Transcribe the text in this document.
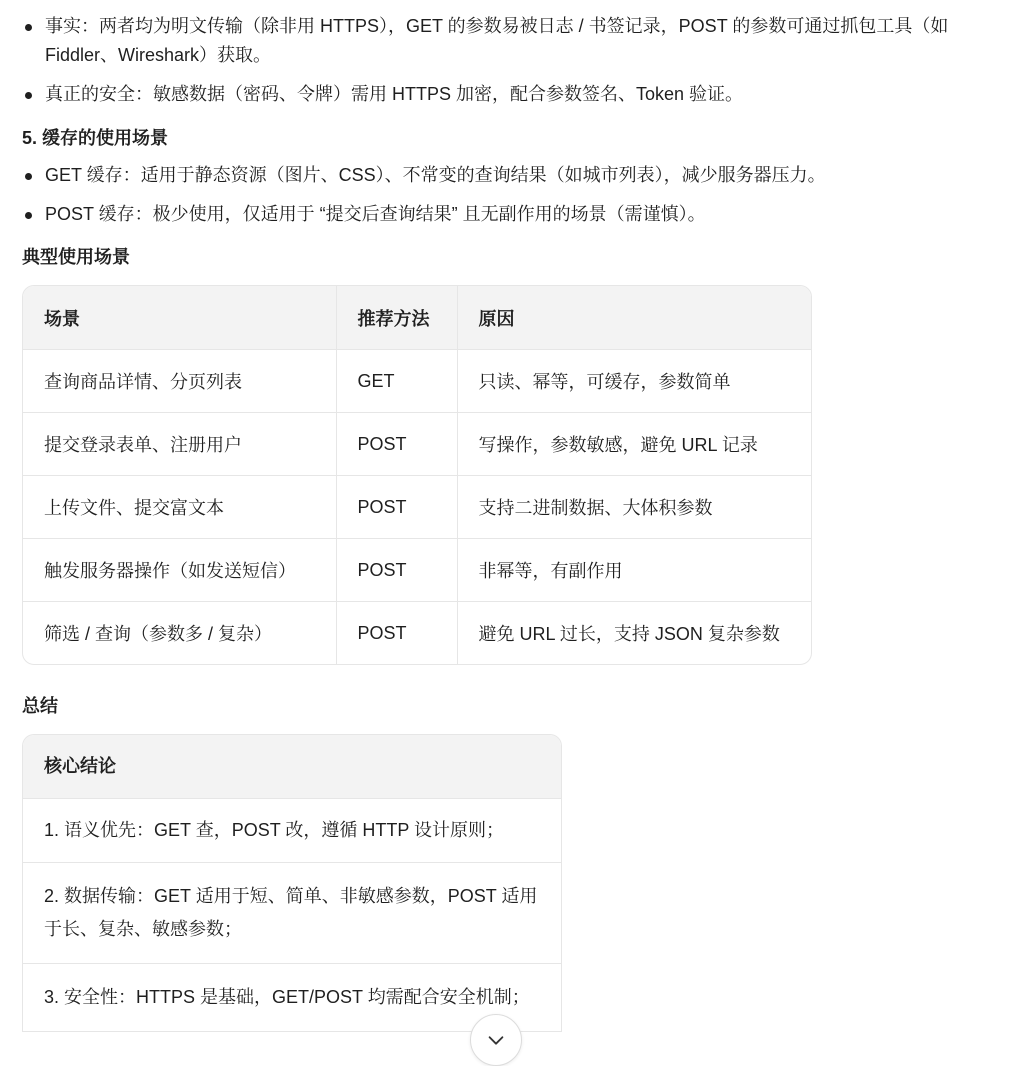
事实：两者均为明文传输（除非用 HTTPS），GET 的参数易被日志 / 书签记录，POST 的参数可通过抓包工具（如 Fiddler、Wireshark）获取。
真正的安全：敏感数据（密码、令牌）需用 HTTPS 加密，配合参数签名、Token 验证。
5. 缓存的使用场景
GET 缓存：适用于静态资源（图片、CSS）、不常变的查询结果（如城市列表），减少服务器压力。
POST 缓存：极少使用，仅适用于 “提交后查询结果” 且无副作用的场景（需谨慎）。
典型使用场景
场景	推荐方法	原因
查询商品详情、分页列表	GET	只读、幂等，可缓存，参数简单
提交登录表单、注册用户	POST	写操作，参数敏感，避免 URL 记录
上传文件、提交富文本	POST	支持二进制数据、大体积参数
触发服务器操作（如发送短信）	POST	非幂等，有副作用
筛选 / 查询（参数多 / 复杂）	POST	避免 URL 过长，支持 JSON 复杂参数
总结
核心结论
1. 语义优先：GET 查，POST 改，遵循 HTTP 设计原则；
2. 数据传输：GET 适用于短、简单、非敏感参数，POST 适用于长、复杂、敏感参数；
3. 安全性：HTTPS 是基础，GET/POST 均需配合安全机制；
